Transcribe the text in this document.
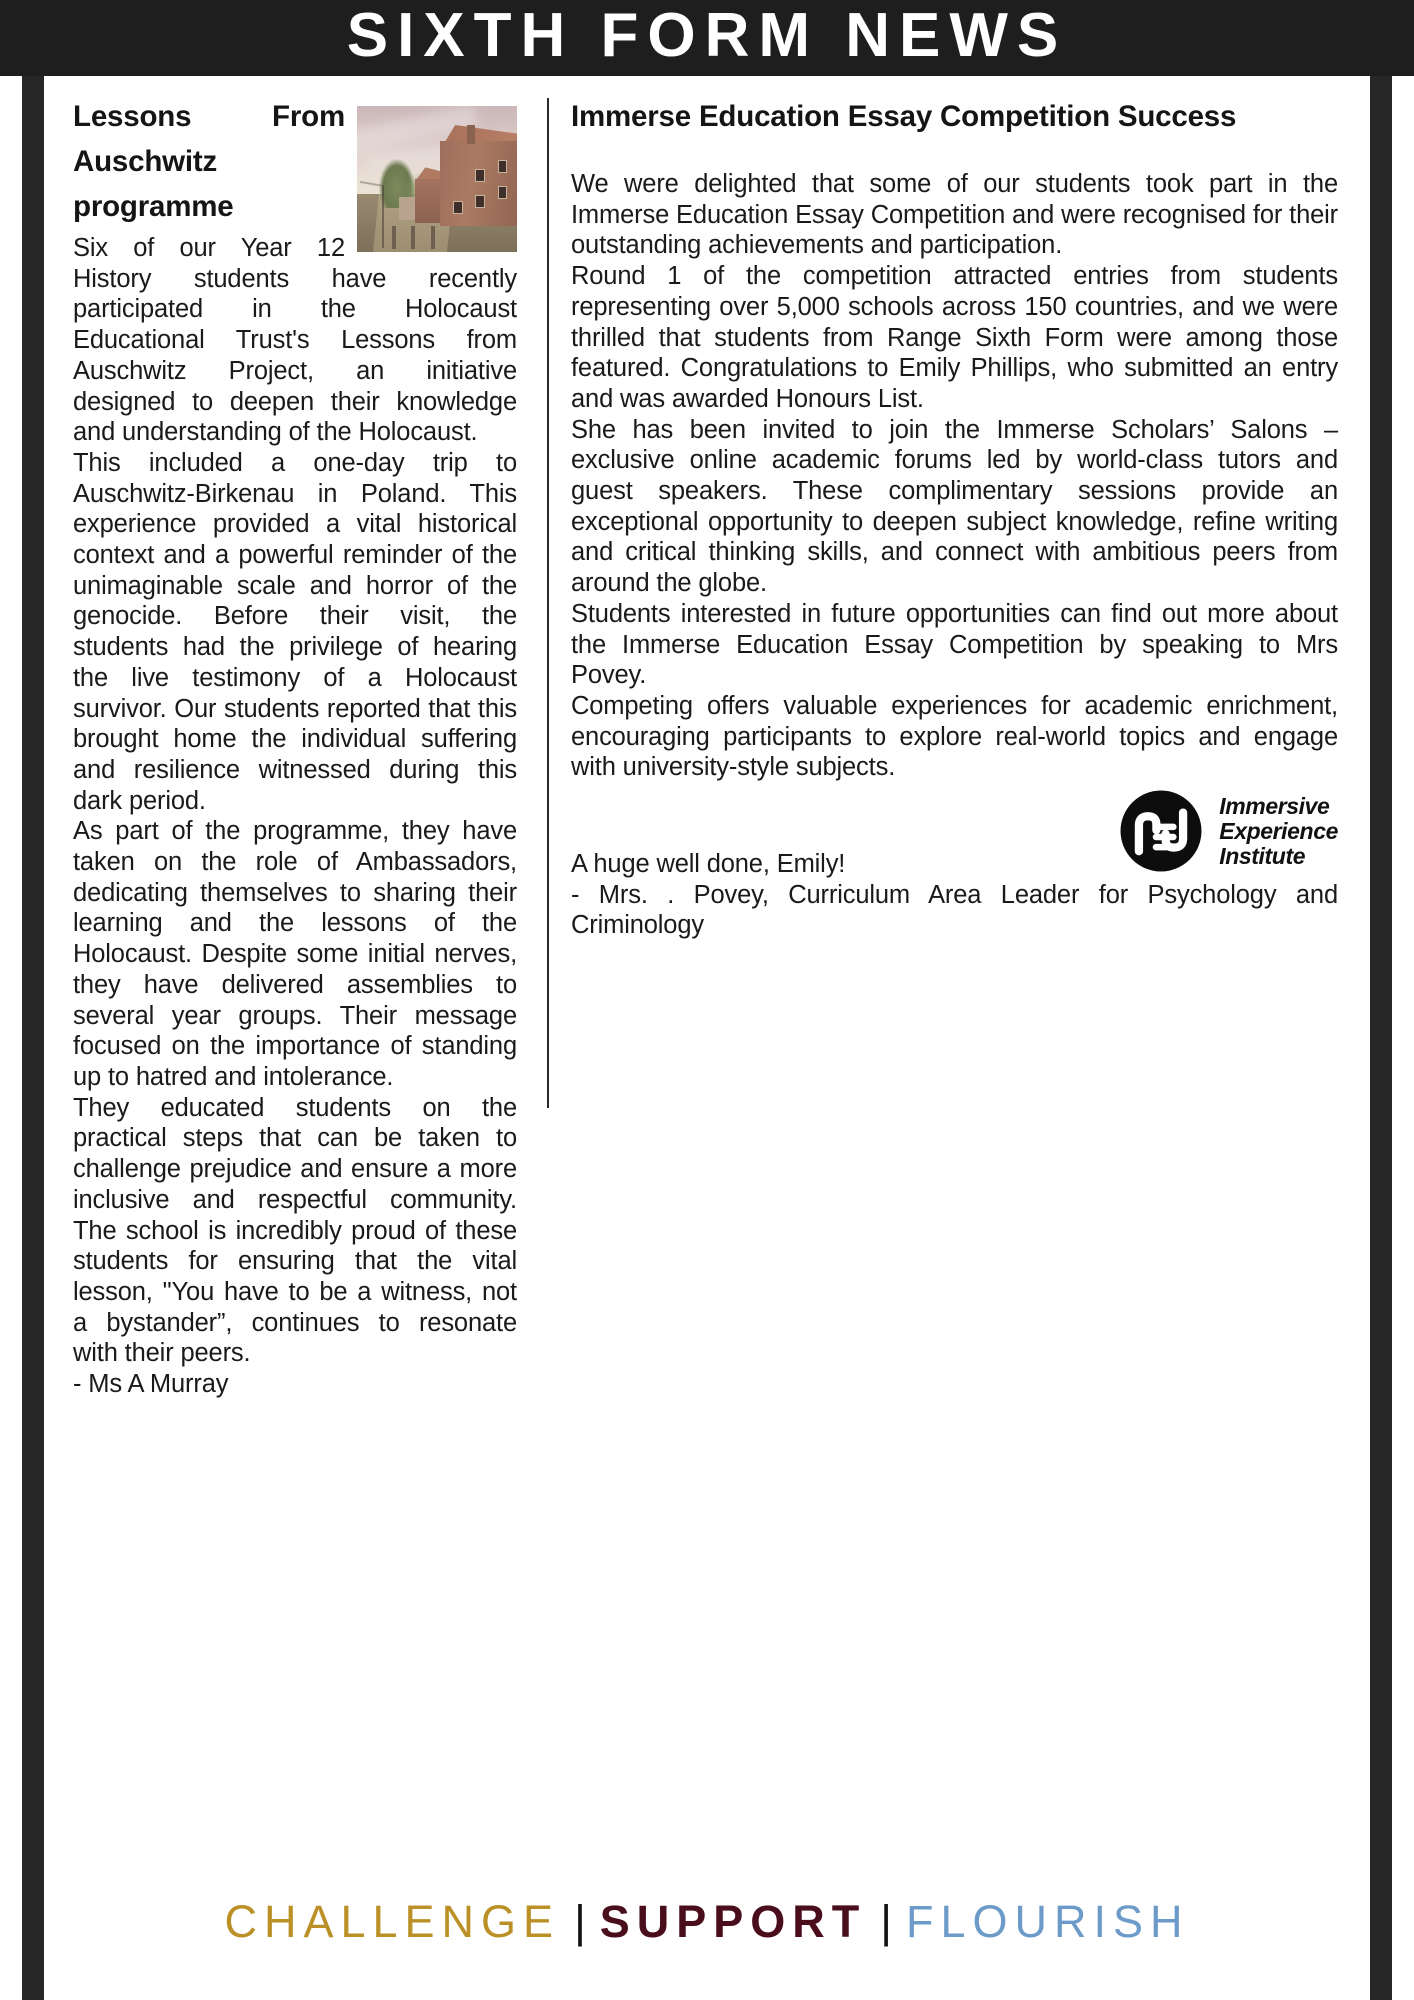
SIXTH FORM NEWS
Lessons From Auschwitz programme

Six of our Year 12 History students have recently participated in the Holocaust Educational Trust's Lessons from Auschwitz Project, an initiative designed to deepen their knowledge and understanding of the Holocaust.

This included a one-day trip to Auschwitz-Birkenau in Poland. This experience provided a vital historical context and a powerful reminder of the unimaginable scale and horror of the genocide. Before their visit, the students had the privilege of hearing the live testimony of a Holocaust survivor. Our students reported that this brought home the individual suffering and resilience witnessed during this dark period.

As part of the programme, they have taken on the role of Ambassadors, dedicating themselves to sharing their learning and the lessons of the Holocaust. Despite some initial nerves, they have delivered assemblies to several year groups. Their message focused on the importance of standing up to hatred and intolerance.

They educated students on the practical steps that can be taken to challenge prejudice and ensure a more inclusive and respectful community. The school is incredibly proud of these students for ensuring that the vital lesson, "You have to be a witness, not a bystander”, continues to resonate with their peers.

- Ms A Murray

Immerse Education Essay Competition Success

We were delighted that some of our students took part in the Immerse Education Essay Competition and were recognised for their outstanding achievements and participation.

Round 1 of the competition attracted entries from students representing over 5,000 schools across 150 countries, and we were thrilled that students from Range Sixth Form were among those featured. Congratulations to Emily Phillips, who submitted an entry and was awarded Honours List.

She has been invited to join the Immerse Scholars’ Salons – exclusive online academic forums led by world-class tutors and guest speakers. These complimentary sessions provide an exceptional opportunity to deepen subject knowledge, refine writing and critical thinking skills, and connect with ambitious peers from around the globe.

Students interested in future opportunities can find out more about the Immerse Education Essay Competition by speaking to Mrs Povey.

Competing offers valuable experiences for academic enrichment, encouraging participants to explore real-world topics and engage with university-style subjects.

Immersive
Experience
Institute

A huge well done, Emily!

- Mrs. . Povey, Curriculum Area Leader for Psychology and Criminology

CHALLENGE | SUPPORT | FLOURISH
